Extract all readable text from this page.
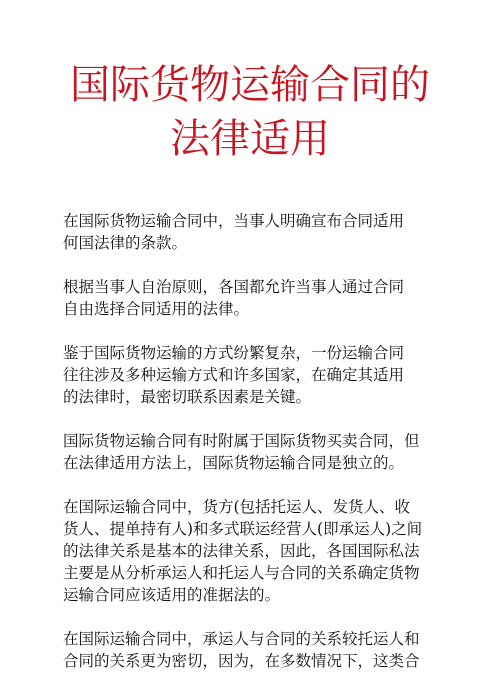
国际货物运输合同的
法律适用

在国际货物运输合同中，当事人明确宣布合同适用
何国法律的条款。

根据当事人自治原则，各国都允许当事人通过合同
自由选择合同适用的法律。

鉴于国际货物运输的方式纷繁复杂，一份运输合同
往往涉及多种运输方式和许多国家，在确定其适用
的法律时，最密切联系因素是关键。

国际货物运输合同有时附属于国际货物买卖合同，但
在法律适用方法上，国际货物运输合同是独立的。

在国际运输合同中，货方(包括托运人、发货人、收
货人、提单持有人)和多式联运经营人(即承运人)之间
的法律关系是基本的法律关系，因此，各国国际私法
主要是从分析承运人和托运人与合同的关系确定货物
运输合同应该适用的准据法的。

在国际运输合同中，承运人与合同的关系较托运人和
合同的关系更为密切，因为，在多数情况下，这类合
